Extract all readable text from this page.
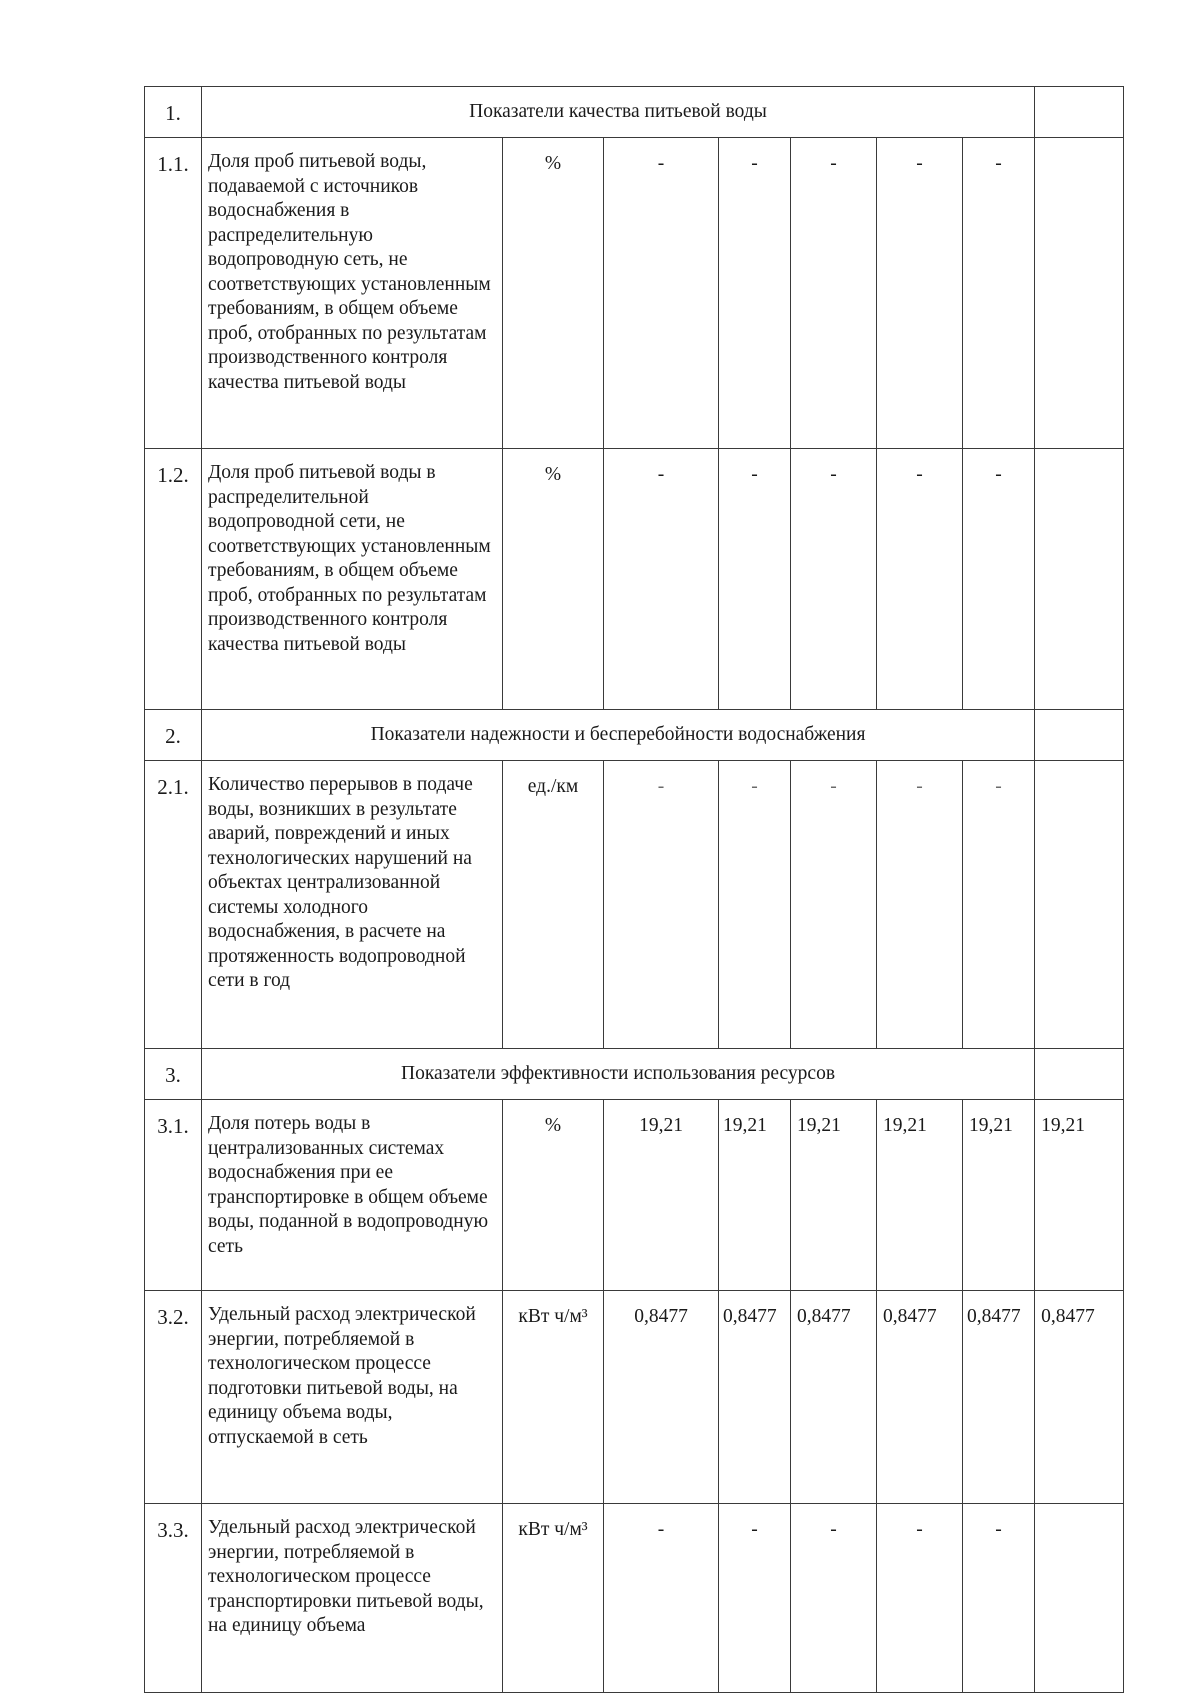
1.	Показатели качества питьевой воды							
1.1.	Доля проб питьевой воды, подаваемой с источников водоснабжения в распределительную водопроводную сеть, не соответствующих установленным требованиям, в общем объеме проб, отобранных по результатам производственного контроля качества питьевой воды	%	-	-	-	-	-	
1.2.	Доля проб питьевой воды в распределительной водопроводной сети, не соответствующих установленным требованиям, в общем объеме проб, отобранных по результатам производственного контроля качества питьевой воды	%	-	-	-	-	-	
2.	Показатели надежности и бесперебойности водоснабжения							
2.1.	Количество перерывов в подаче воды, возникших в результате аварий, повреждений и иных технологических нарушений на объектах централизованной системы холодного водоснабжения, в расчете на протяженность водопроводной сети в год	ед./км	-	-	-	-	-	
3.	Показатели эффективности использования ресурсов							
3.1.	Доля потерь воды в централизованных системах водоснабжения при ее транспортировке в общем объеме воды, поданной в водопроводную сеть	%	19,21	19,21	19,21	19,21	19,21	19,21
3.2.	Удельный расход электрической энергии, потребляемой в технологическом процессе подготовки питьевой воды, на единицу объема воды, отпускаемой в сеть	кВт ч/м³	0,8477	0,8477	0,8477	0,8477	0,8477	0,8477
3.3.	Удельный расход электрической энергии, потребляемой в технологическом процессе транспортировки питьевой воды, на единицу объема	кВт ч/м³	-	-	-	-	-	
